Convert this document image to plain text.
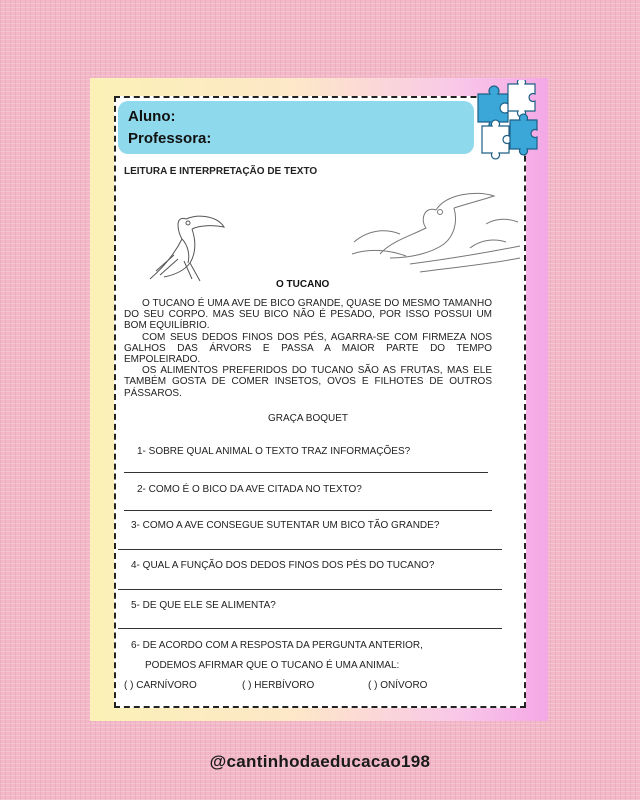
Aluno:
Professora:
LEITURA E INTERPRETAÇÃO DE TEXTO
O TUCANO

O TUCANO É UMA AVE DE BICO GRANDE, QUASE DO MESMO TAMANHO DO SEU CORPO. MAS SEU BICO NÃO É PESADO, POR ISSO POSSUI UM BOM EQUILÍBRIO.

COM SEUS DEDOS FINOS DOS PÉS, AGARRA-SE COM FIRMEZA NOS GALHOS DAS ÁRVORS E PASSA A MAIOR PARTE DO TEMPO EMPOLEIRADO.

OS ALIMENTOS PREFERIDOS DO TUCANO SÃO AS FRUTAS, MAS ELE TAMBÉM GOSTA DE COMER INSETOS, OVOS E FILHOTES DE OUTROS PÁSSAROS.

GRAÇA BOQUET
1- SOBRE QUAL ANIMAL O TEXTO TRAZ INFORMAÇÕES?
2- COMO É O BICO DA AVE CITADA NO TEXTO?
3- COMO A AVE CONSEGUE SUTENTAR UM BICO TÃO GRANDE?
4- QUAL A FUNÇÃO DOS DEDOS FINOS DOS PÉS DO TUCANO?
5- DE QUE ELE SE ALIMENTA?
6- DE ACORDO COM A RESPOSTA DA PERGUNTA ANTERIOR,
PODEMOS AFIRMAR QUE O TUCANO É UMA ANIMAL:
( ) CARNÍVORO	( ) HERBÍVORO	( ) ONÍVORO
@cantinhodaeducacao198
